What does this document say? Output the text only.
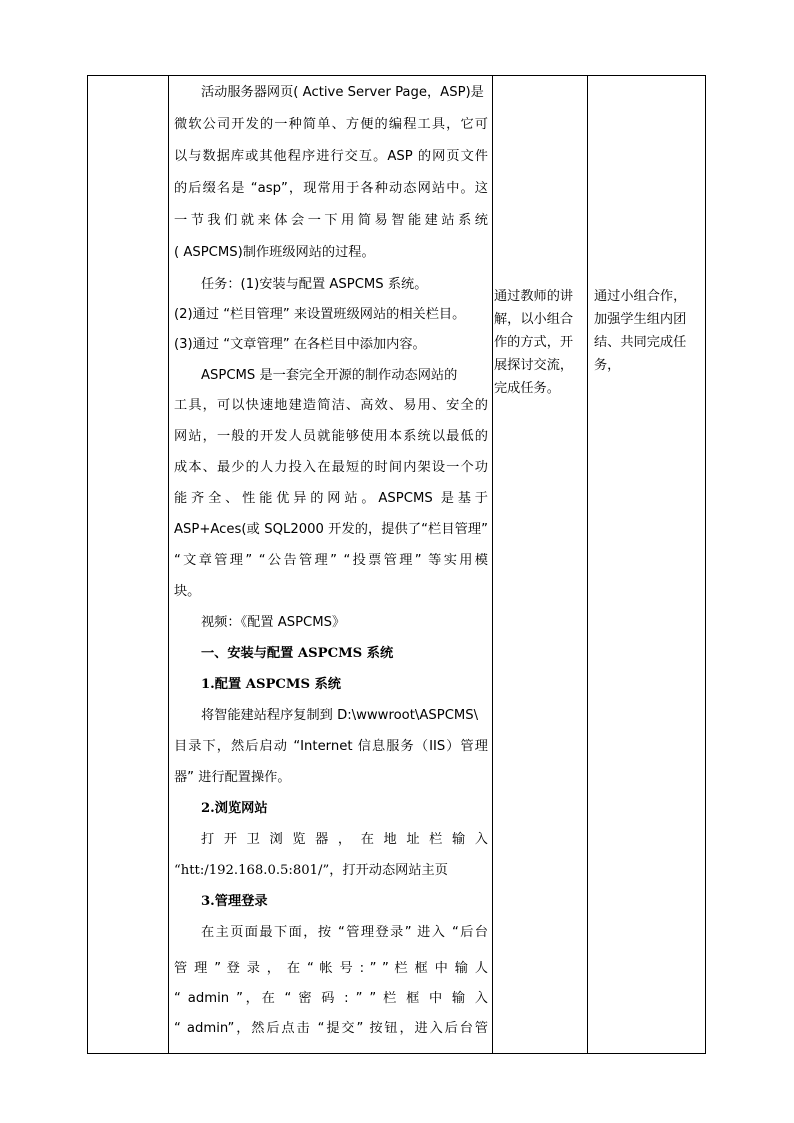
活动服务器网页( Active Server Page，ASP)是
微软公司开发的一种简单、方便的编程工具，它可
以与数据库或其他程序进行交互。ASP 的网页文件
的后缀名是 “asp”，现常用于各种动态网站中。这
一节我们就来体会一下用简易智能建站系统
( ASPCMS)制作班级网站的过程。
任务：(1)安装与配置 ASPCMS 系统。
(2)通过 “栏目管理” 来设置班级网站的相关栏目。
(3)通过 “文章管理” 在各栏目中添加内容。
ASPCMS 是一套完全开源的制作动态网站的
工具，可以快速地建造简洁、高效、易用、安全的
网站，一般的开发人员就能够使用本系统以最低的
成本、最少的人力投入在最短的时间内架设一个功
能齐全、性能优异的网站。ASPCMS 是基于
ASP+Aces(或 SQL2000 开发的，提供了“栏目管理”
“文章管理” “公告管理” “投票管理” 等实用模
块。
视频：《配置 ASPCMS》
一、安装与配置 ASPCMS 系统
1.配置 ASPCMS 系统
将智能建站程序复制到 D:\wwwroot\ASPCMS\
目录下，然后启动 “Internet 信息服务（IIS）管理
器” 进行配置操作。
2.浏览网站
打 开 卫 浏 览 器 ， 在 地 址 栏 输 入
“htt:/192.168.0.5:801/”，打开动态网站主页
3.管理登录
在主页面最下面，按 “管理登录” 进入 “后台
管 理 ” 登 录 ， 在 “ 帐 号 : ” ” 栏 框 中 输 人
“ admin ”，在 “ 密 码 : ” ” 栏 框 中 输 入
“ admin”，然后点击 “提交” 按钮，进入后台管
通过教师的讲
解，以小组合
作的方式，开
展探讨交流，
完成任务。
通过小组合作，
加强学生组内团
结、共同完成任
务，
